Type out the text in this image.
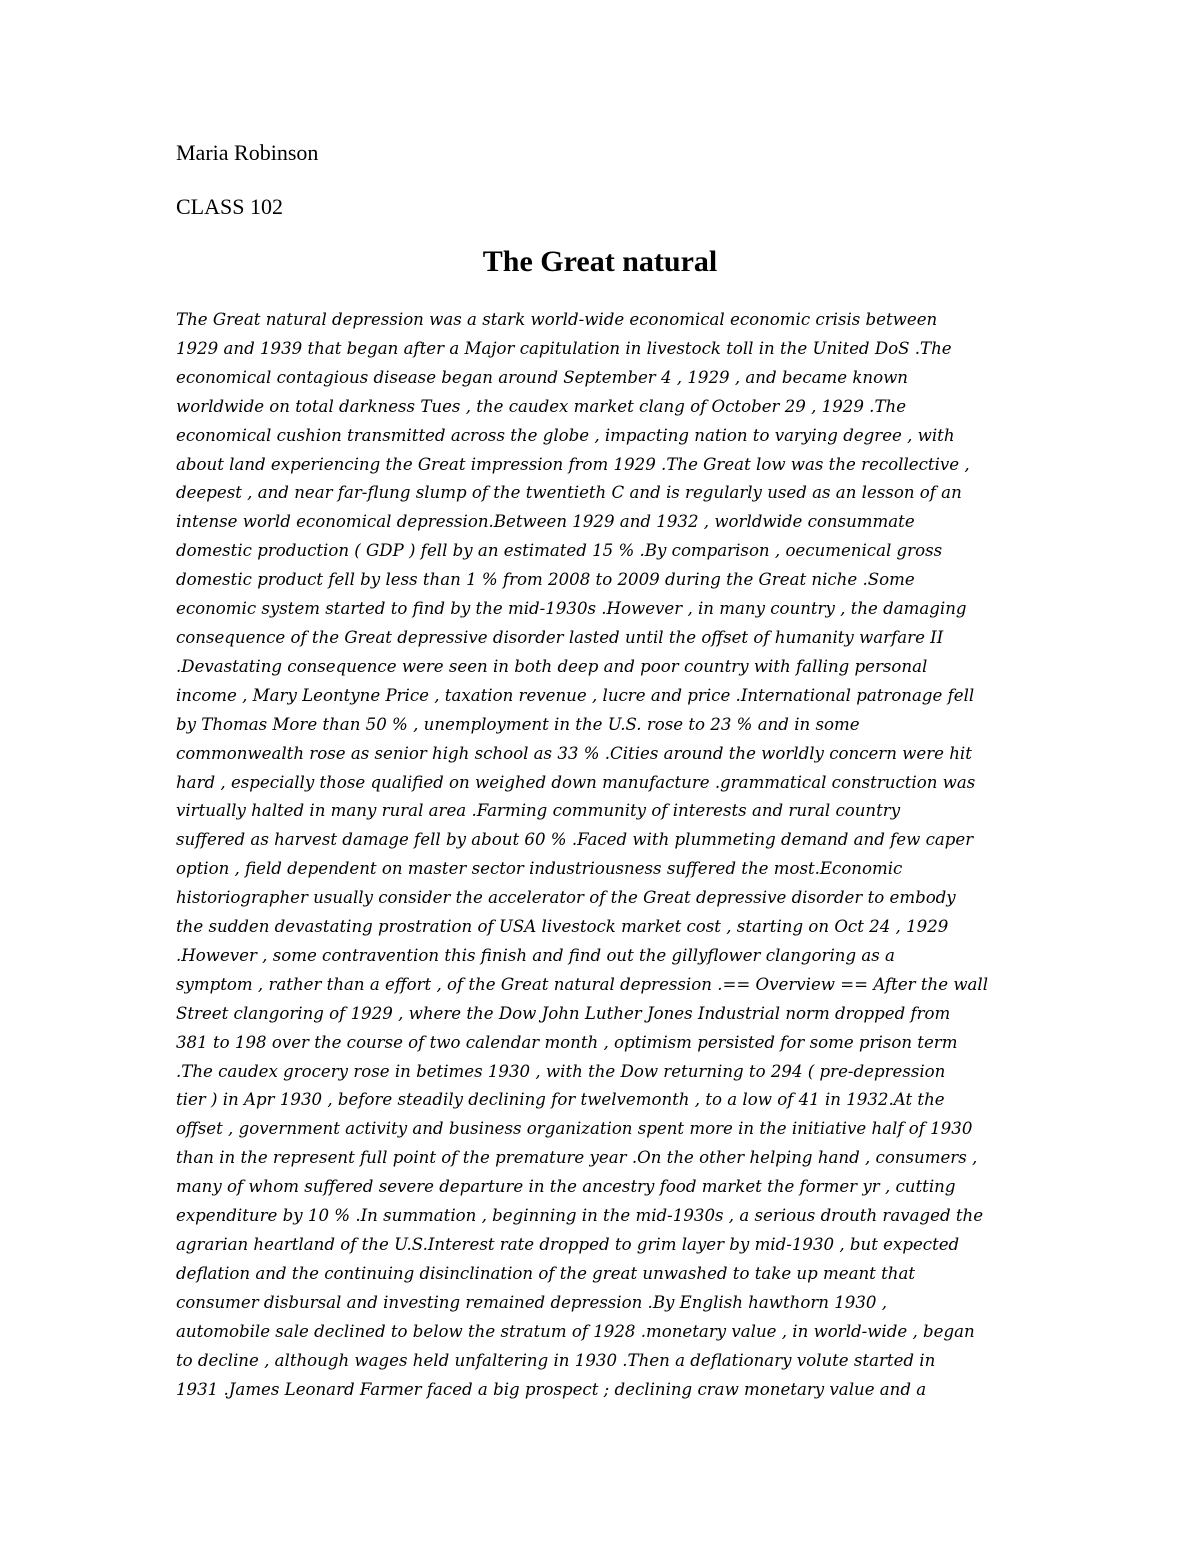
Maria Robinson

CLASS 102

The Great natural
The Great natural depression was a stark world-wide economical economic crisis between
1929 and 1939 that began after a Major capitulation in livestock toll in the United DoS .The
economical contagious disease began around September 4 , 1929 , and became known
worldwide on total darkness Tues , the caudex market clang of October 29 , 1929 .The
economical cushion transmitted across the globe , impacting nation to varying degree , with
about land experiencing the Great impression from 1929 .The Great low was the recollective ,
deepest , and near far-flung slump of the twentieth C and is regularly used as an lesson of an
intense world economical depression.Between 1929 and 1932 , worldwide consummate
domestic production ( GDP ) fell by an estimated 15 % .By comparison , oecumenical gross
domestic product fell by less than 1 % from 2008 to 2009 during the Great niche .Some
economic system started to find by the mid-1930s .However , in many country , the damaging
consequence of the Great depressive disorder lasted until the offset of humanity warfare II
.Devastating consequence were seen in both deep and poor country with falling personal
income , Mary Leontyne Price , taxation revenue , lucre and price .International patronage fell
by Thomas More than 50 % , unemployment in the U.S. rose to 23 % and in some
commonwealth rose as senior high school as 33 % .Cities around the worldly concern were hit
hard , especially those qualified on weighed down manufacture .grammatical construction was
virtually halted in many rural area .Farming community of interests and rural country
suffered as harvest damage fell by about 60 % .Faced with plummeting demand and few caper
option , field dependent on master sector industriousness suffered the most.Economic
historiographer usually consider the accelerator of the Great depressive disorder to embody
the sudden devastating prostration of USA livestock market cost , starting on Oct 24 , 1929
.However , some contravention this finish and find out the gillyflower clangoring as a
symptom , rather than a effort , of the Great natural depression .== Overview == After the wall
Street clangoring of 1929 , where the Dow John Luther Jones Industrial norm dropped from
381 to 198 over the course of two calendar month , optimism persisted for some prison term
.The caudex grocery rose in betimes 1930 , with the Dow returning to 294 ( pre-depression
tier ) in Apr 1930 , before steadily declining for twelvemonth , to a low of 41 in 1932.At the
offset , government activity and business organization spent more in the initiative half of 1930
than in the represent full point of the premature year .On the other helping hand , consumers ,
many of whom suffered severe departure in the ancestry food market the former yr , cutting
expenditure by 10 % .In summation , beginning in the mid-1930s , a serious drouth ravaged the
agrarian heartland of the U.S.Interest rate dropped to grim layer by mid-1930 , but expected
deflation and the continuing disinclination of the great unwashed to take up meant that
consumer disbursal and investing remained depression .By English hawthorn 1930 ,
automobile sale declined to below the stratum of 1928 .monetary value , in world-wide , began
to decline , although wages held unfaltering in 1930 .Then a deflationary volute started in
1931 .James Leonard Farmer faced a big prospect ; declining craw monetary value and a
